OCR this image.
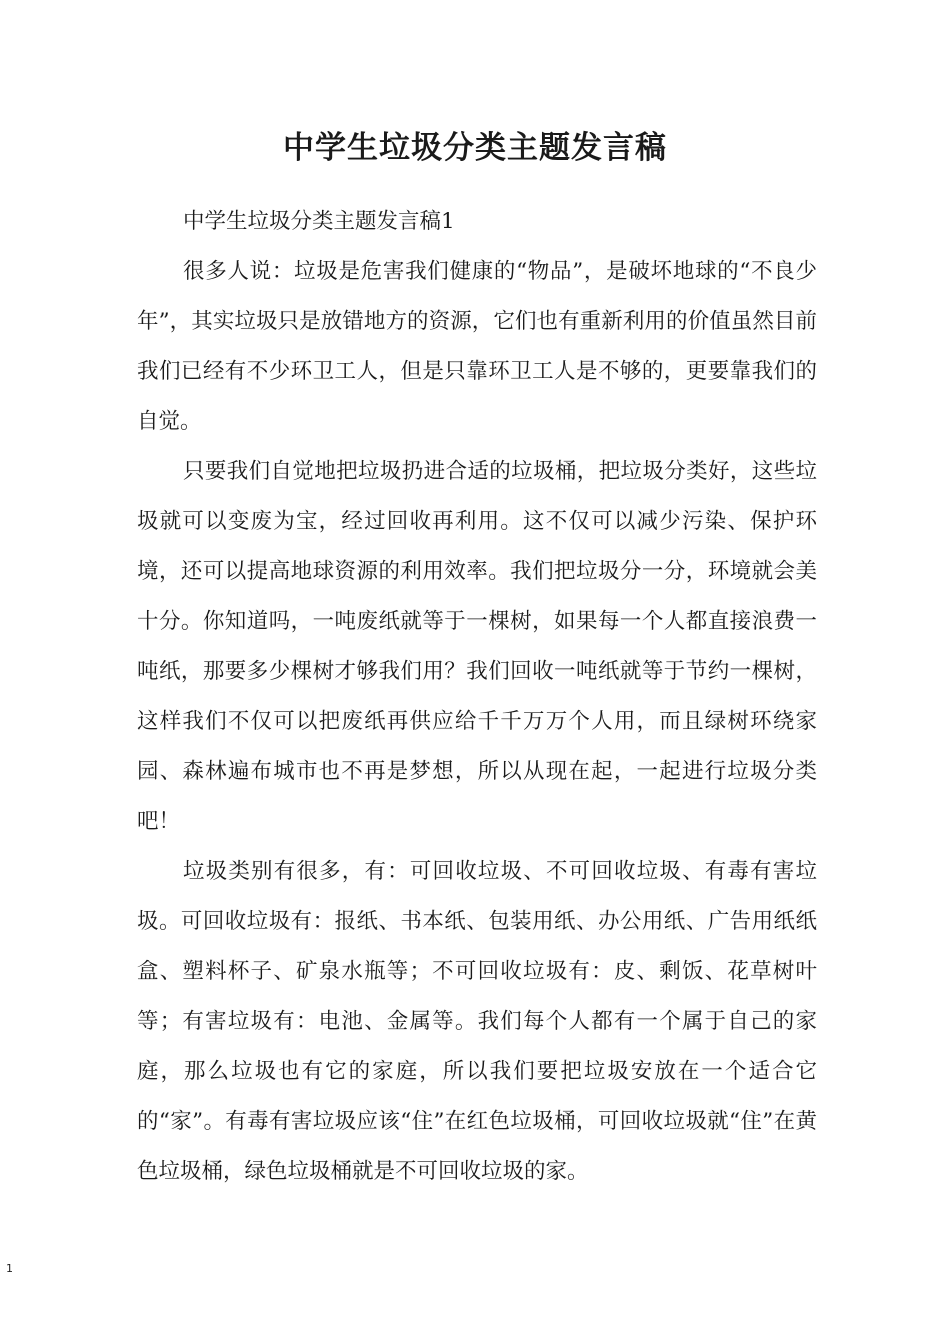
中学生垃圾分类主题发言稿

中学生垃圾分类主题发言稿1

很多人说：垃圾是危害我们健康的“物品”，是破坏地球的“不良少年”，其实垃圾只是放错地方的资源，它们也有重新利用的价值虽然目前我们已经有不少环卫工人，但是只靠环卫工人是不够的，更要靠我们的自觉。

只要我们自觉地把垃圾扔进合适的垃圾桶，把垃圾分类好，这些垃圾就可以变废为宝，经过回收再利用。这不仅可以减少污染、保护环境，还可以提高地球资源的利用效率。我们把垃圾分一分，环境就会美十分。你知道吗，一吨废纸就等于一棵树，如果每一个人都直接浪费一吨纸，那要多少棵树才够我们用？我们回收一吨纸就等于节约一棵树，这样我们不仅可以把废纸再供应给千千万万个人用，而且绿树环绕家园、森林遍布城市也不再是梦想，所以从现在起，一起进行垃圾分类吧！

垃圾类别有很多，有：可回收垃圾、不可回收垃圾、有毒有害垃圾。可回收垃圾有：报纸、书本纸、包装用纸、办公用纸、广告用纸纸盒、塑料杯子、矿泉水瓶等；不可回收垃圾有：皮、剩饭、花草树叶等；有害垃圾有：电池、金属等。我们每个人都有一个属于自己的家庭，那么垃圾也有它的家庭，所以我们要把垃圾安放在一个适合它的“家”。有毒有害垃圾应该“住”在红色垃圾桶，可回收垃圾就“住”在黄色垃圾桶，绿色垃圾桶就是不可回收垃圾的家。

1
